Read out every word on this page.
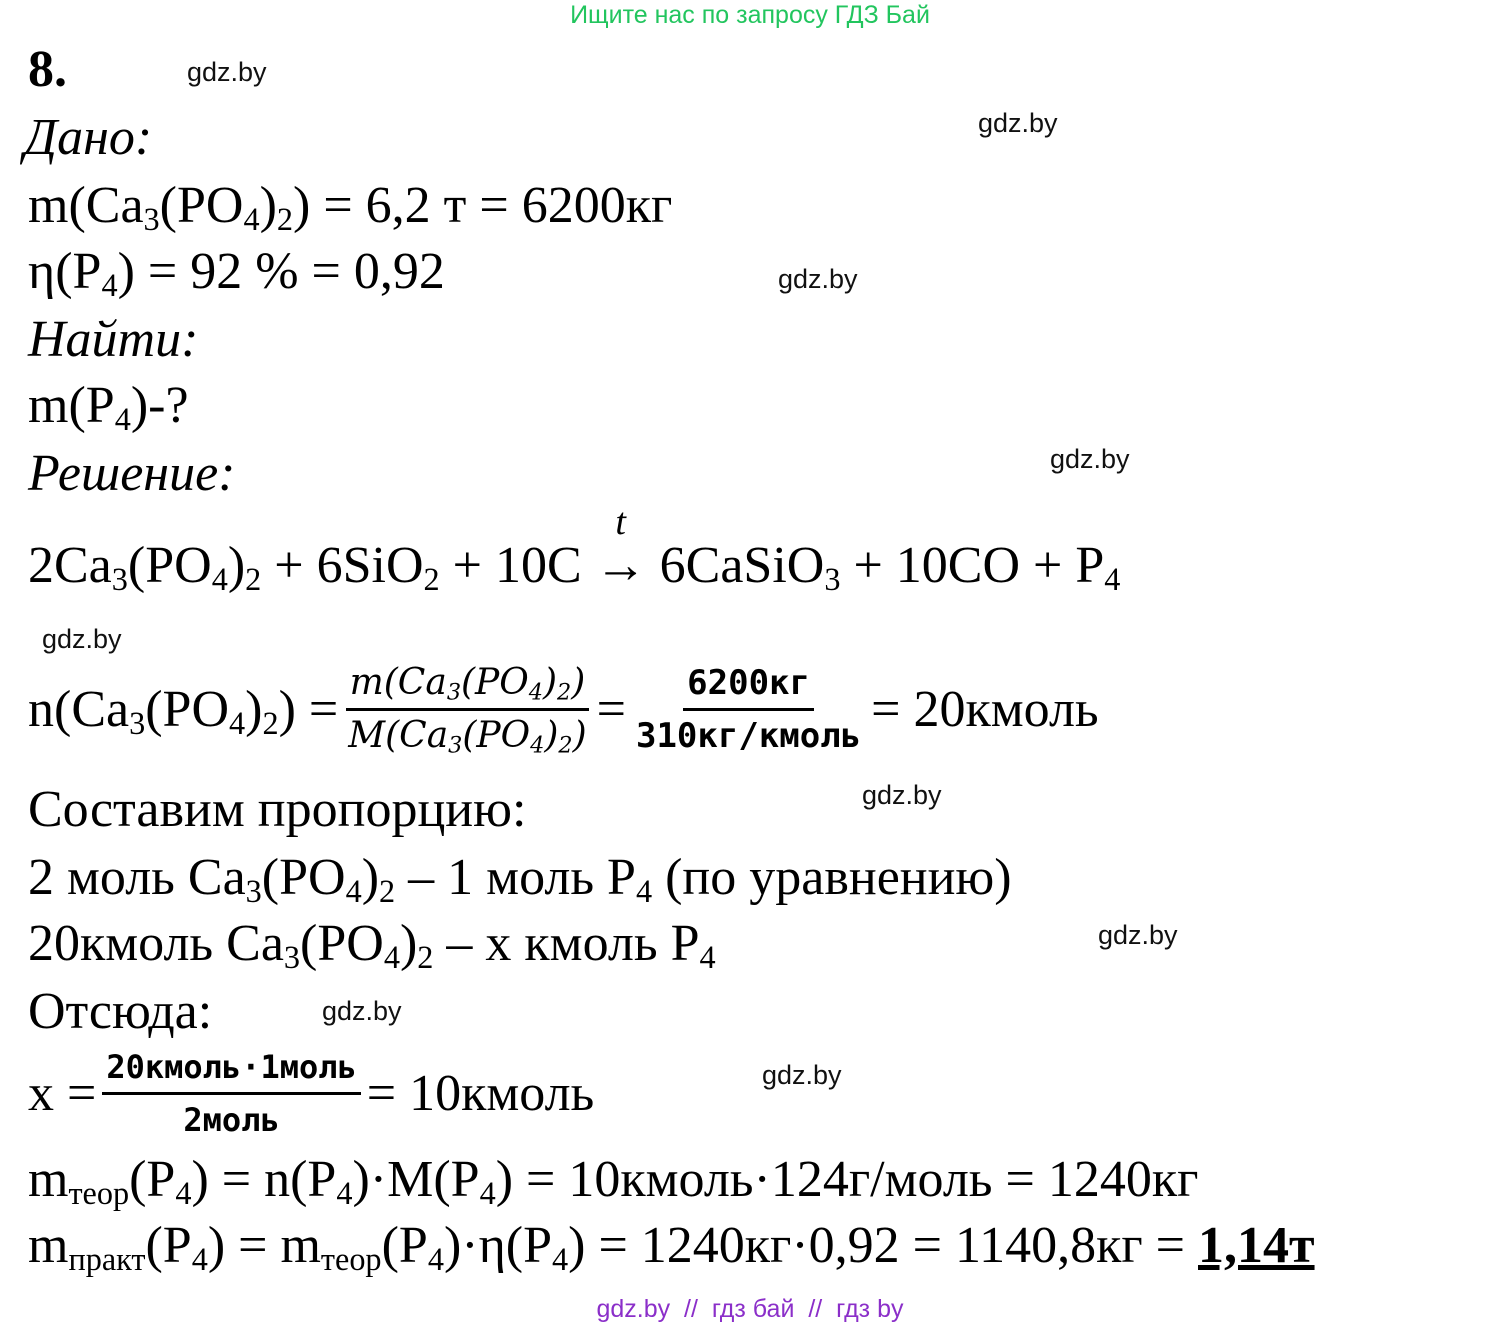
Ищите нас по запросу ГДЗ Бай
8.	gdz.by
gdz.by
gdz.by
gdz.by
gdz.by
gdz.by
gdz.by
gdz.by
gdz.by
Дано:
$m(Ca_3(PO_4)_2) = 6,2$ т = 6200кг
$\eta(P_4) = 92$ % = 0,92
Найти:
$m(P_4)-$?
Решение:
$2Ca_3(PO_4)_2 + 6SiO_2 + 10C$
t
→ 6CaSiO$_3$ + $10CO + P_4$
$n(Ca_3(PO_4)_2) = \frac{m(Ca_3(PO_4)_2)}{M(Ca_3(PO_4)_2)} = \frac{6200кг}{\text{310кг/кмоль}}$ = 20кмоль
Составим пропорцию:
2 моль $Ca_3(PO_4)_2 - 1$ моль $P_4$ (по уравнению)
20кмоль $Ca_3(PO_4)_2$ – x кмоль $P_4$
Отсюда:
$x = \frac{\text{20кмоль·1моль}}{\text{2моль}}$ = 10кмоль
$m_{теор}(P_4) = n(P_4)\cdot M(P_4)$ = 10кмоль·124г/моль = 1240кг
$m_{практ}(P_4) = m_{теор}(P_4)\cdot\eta(P_4) = 1240кг\cdot 0,92 = 1140,8кг = 1,14т$
gdz.by  //  гдз бай  //  гдз by
